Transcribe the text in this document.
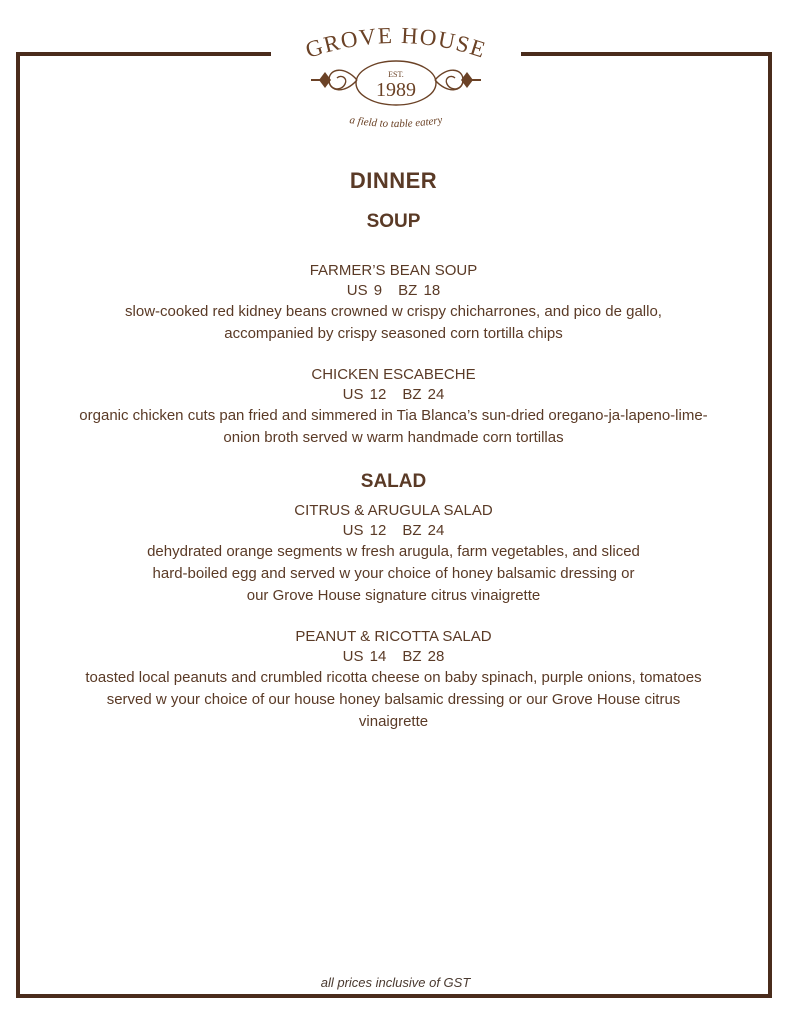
GROVE HOUSE
EST.
1989
a field to table eatery
DINNER
SOUP
FARMER’S BEAN SOUP
US 9 BZ 18
slow-cooked red kidney beans crowned w crispy chicharrones, and pico de gallo, accompanied by crispy seasoned corn tortilla chips
CHICKEN ESCABECHE
US 12 BZ 24
organic chicken cuts pan fried and simmered in Tia Blanca’s sun-dried oregano-ja-lapeno-lime-onion broth served w warm handmade corn tortillas
SALAD
CITRUS & ARUGULA SALAD
US 12 BZ 24
dehydrated orange segments w fresh arugula, farm vegetables, and sliced hard-boiled egg and served w your choice of honey balsamic dressing or our Grove House signature citrus vinaigrette
PEANUT & RICOTTA SALAD
US 14 BZ 28
toasted local peanuts and crumbled ricotta cheese on baby spinach, purple onions, tomatoes served w your choice of our house honey balsamic dressing or our Grove House citrus vinaigrette
all prices inclusive of GST
